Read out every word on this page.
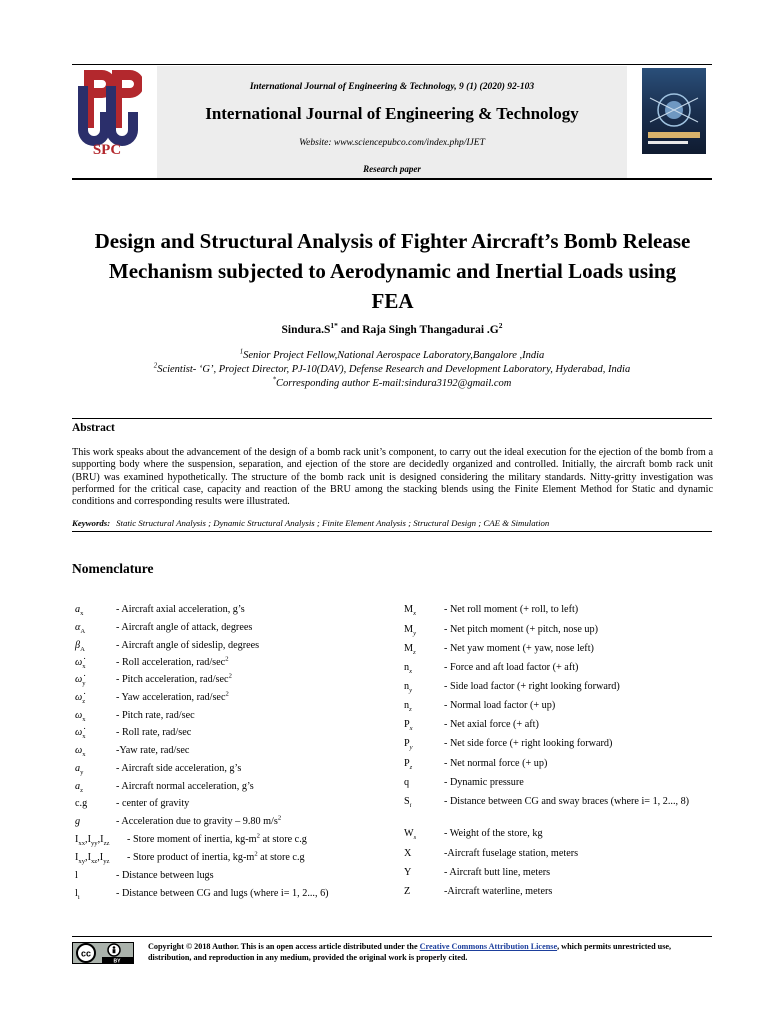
SPC
International Journal of Engineering & Technology, 9 (1) (2020) 92-103
International Journal of Engineering & Technology
Website: www.sciencepubco.com/index.php/IJET
Research paper
Design and Structural Analysis of Fighter Aircraft’s Bomb Release Mechanism subjected to Aerodynamic and Inertial Loads using FEA
$Sindura.S^{1*}$ and Raja Singh Thangadurai $.G^2$
$^1$Senior Project Fellow,National Aerospace Laboratory,Bangalore ,India
$^2$Scientist- ‘G’, Project Director, PJ-10(DAV), Defense Research and Development Laboratory, Hyderabad, India
*Corresponding author E-mail:sindura3192@gmail.com
Abstract
This work speaks about the advancement of the design of a bomb rack unit’s component, to carry out the ideal execution for the ejection of the bomb from a supporting body where the suspension, separation, and ejection of the store are decidedly organized and controlled. Initially, the aircraft bomb rack unit (BRU) was examined hypothetically. The structure of the bomb rack unit is designed considering the military standards. Nitty-gritty investigation was performed for the critical case, capacity and reaction of the BRU among the stacking blends using the Finite Element Method for Static and dynamic conditions and corresponding results were illustrated.
Keywords: Static Structural Analysis ; Dynamic Structural Analysis ; Finite Element Analysis ; Structural Design ; CAE & Simulation
Nomenclature
$a_x$	- Aircraft axial acceleration, g’s
$\alpha_A$	- Aircraft angle of attack, degrees
$\beta_A$	- Aircraft angle of sideslip, degrees
$\omegȧ_x$	- Roll acceleration, rad/$\sec^2$
$\omegȧ_y$	- Pitch acceleration, rad/$\sec^2$
$\omegȧ_z$	- Yaw acceleration, rad/$\sec^2$
$\omega_x$	- Pitch rate, rad/sec
$\omegȧ_x$	- Roll rate, rad/sec
$\omega_x$	-Yaw rate, rad/sec
$a_y$	- Aircraft side acceleration, g’s
$a_z$	- Aircraft normal acceleration, g’s
c.g	- center of gravity
g	- Acceleration due to gravity – 9.80 $m/s^2$
$I_{xx},I_{yy},I_{zz}$ - Store moment of inertia, $kg-m^2$ at store c.g
$I_{xy},I_{xz},I_{yz}$ - Store product of inertia, $kg-m^2$ at store c.g
l	- Distance between lugs
$l_i$	- Distance between CG and lugs (where i= 1, 2..., 6)
$M_x$	- Net roll moment (+ roll, to left)
$M_y$	- Net pitch moment (+ pitch, nose up)
$M_z$	- Net yaw moment (+ yaw, nose left)
$n_x$	- Force and aft load factor (+ aft)
$n_y$	- Side load factor (+ right looking forward)
$n_z$	- Normal load factor (+ up)
$P_x$	- Net axial force (+ aft)
$P_y$	- Net side force (+ right looking forward)
$P_z$	- Net normal force (+ up)
q	- Dynamic pressure
$S_i$	- Distance between CG and sway braces (where i= 1, 2..., 8)
$W_s$	- Weight of the store, kg
X	-Aircraft fuselage station, meters
Y	- Aircraft butt line, meters
Z	-Aircraft waterline, meters
cc
BY
Copyright © 2018 Author. This is an open access article distributed under the Creative Commons Attribution License, which permits unrestricted use, distribution, and reproduction in any medium, provided the original work is properly cited.
